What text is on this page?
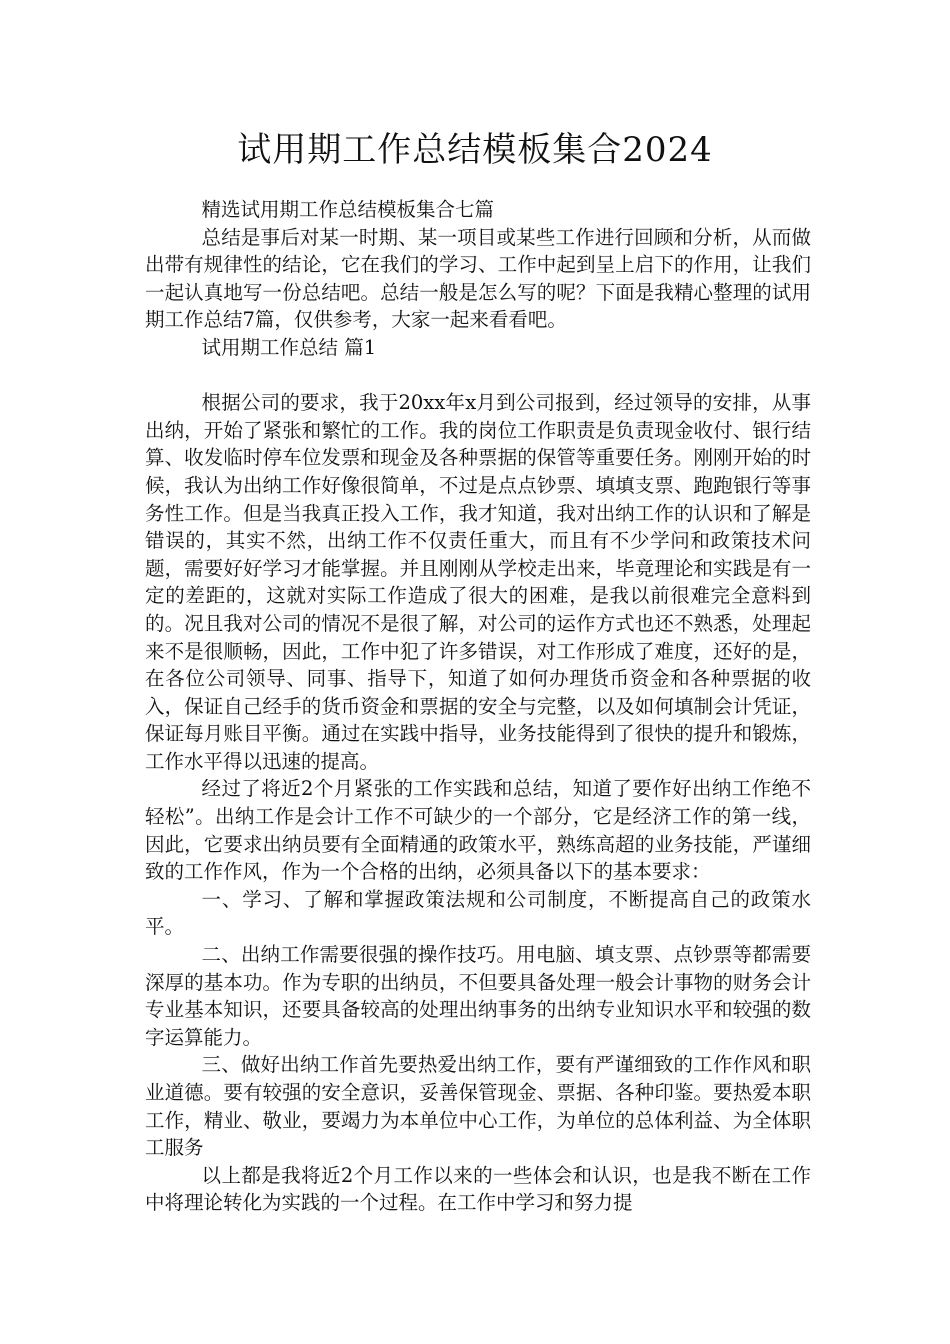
试用期工作总结模板集合2024

精选试用期工作总结模板集合七篇

总结是事后对某一时期、某一项目或某些工作进行回顾和分析，从而做出带有规律性的结论，它在我们的学习、工作中起到呈上启下的作用，让我们一起认真地写一份总结吧。总结一般是怎么写的呢？下面是我精心整理的试用期工作总结7篇，仅供参考，大家一起来看看吧。

试用期工作总结 篇1

根据公司的要求，我于20xx年x月到公司报到，经过领导的安排，从事出纳，开始了紧张和繁忙的工作。我的岗位工作职责是负责现金收付、银行结算、收发临时停车位发票和现金及各种票据的保管等重要任务。刚刚开始的时候，我认为出纳工作好像很简单，不过是点点钞票、填填支票、跑跑银行等事务性工作。但是当我真正投入工作，我才知道，我对出纳工作的认识和了解是错误的，其实不然，出纳工作不仅责任重大，而且有不少学问和政策技术问题，需要好好学习才能掌握。并且刚刚从学校走出来，毕竟理论和实践是有一定的差距的，这就对实际工作造成了很大的困难，是我以前很难完全意料到的。况且我对公司的情况不是很了解，对公司的运作方式也还不熟悉，处理起来不是很顺畅，因此，工作中犯了许多错误，对工作形成了难度，还好的是，在各位公司领导、同事、指导下，知道了如何办理货币资金和各种票据的收入，保证自己经手的货币资金和票据的安全与完整，以及如何填制会计凭证，保证每月账目平衡。通过在实践中指导，业务技能得到了很快的提升和锻炼，工作水平得以迅速的提高。

经过了将近2个月紧张的工作实践和总结，知道了要作好出纳工作绝不轻松”。出纳工作是会计工作不可缺少的一个部分，它是经济工作的第一线，因此，它要求出纳员要有全面精通的政策水平，熟练高超的业务技能，严谨细致的工作作风，作为一个合格的出纳，必须具备以下的基本要求：

一、学习、了解和掌握政策法规和公司制度，不断提高自己的政策水平。

二、出纳工作需要很强的操作技巧。用电脑、填支票、点钞票等都需要深厚的基本功。作为专职的出纳员，不但要具备处理一般会计事物的财务会计专业基本知识，还要具备较高的处理出纳事务的出纳专业知识水平和较强的数字运算能力。

三、做好出纳工作首先要热爱出纳工作，要有严谨细致的工作作风和职业道德。要有较强的安全意识，妥善保管现金、票据、各种印鉴。要热爱本职工作，精业、敬业，要竭力为本单位中心工作，为单位的总体利益、为全体职工服务

以上都是我将近2个月工作以来的一些体会和认识，也是我不断在工作中将理论转化为实践的一个过程。在工作中学习和努力提
